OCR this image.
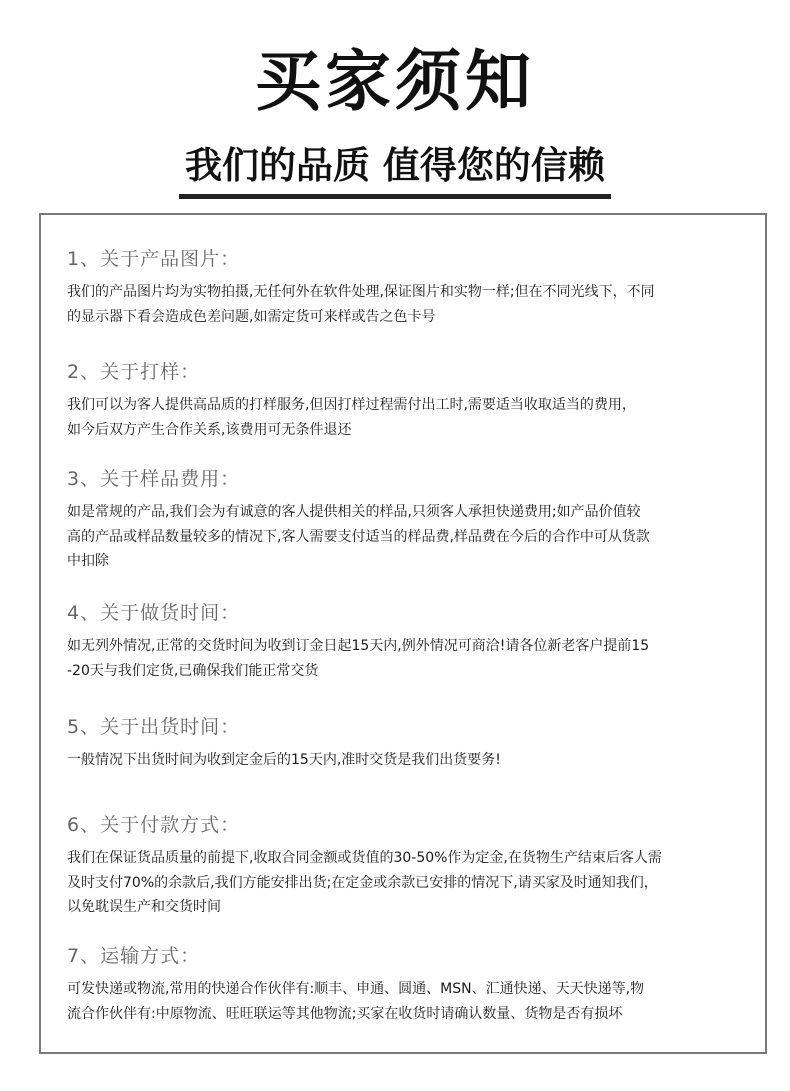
买家须知
我们的品质 值得您的信赖

1、关于产品图片：

我们的产品图片均为实物拍摄,无任何外在软件处理,保证图片和实物一样;但在不同光线下，不同

的显示器下看会造成色差问题,如需定货可来样或告之色卡号

2、关于打样：

我们可以为客人提供高品质的打样服务,但因打样过程需付出工时,需要适当收取适当的费用，

如今后双方产生合作关系,该费用可无条件退还

3、关于样品费用：

如是常规的产品,我们会为有诚意的客人提供相关的样品,只须客人承担快递费用;如产品价值较

高的产品或样品数量较多的情况下,客人需要支付适当的样品费,样品费在今后的合作中可从货款

中扣除

4、关于做货时间：

如无列外情况,正常的交货时间为收到订金日起15天内,例外情况可商洽!请各位新老客户提前15

-20天与我们定货,已确保我们能正常交货

5、关于出货时间：

一般情况下出货时间为收到定金后的15天内,准时交货是我们出货要务!

6、关于付款方式：

我们在保证货品质量的前提下,收取合同金额或货值的30-50%作为定金,在货物生产结束后客人需

及时支付70%的余款后,我们方能安排出货;在定金或余款已安排的情况下,请买家及时通知我们，

以免耽误生产和交货时间

7、运输方式：

可发快递或物流,常用的快递合作伙伴有:顺丰、申通、圆通、MSN、汇通快递、天天快递等,物

流合作伙伴有:中原物流、旺旺联运等其他物流;买家在收货时请确认数量、货物是否有损坏
